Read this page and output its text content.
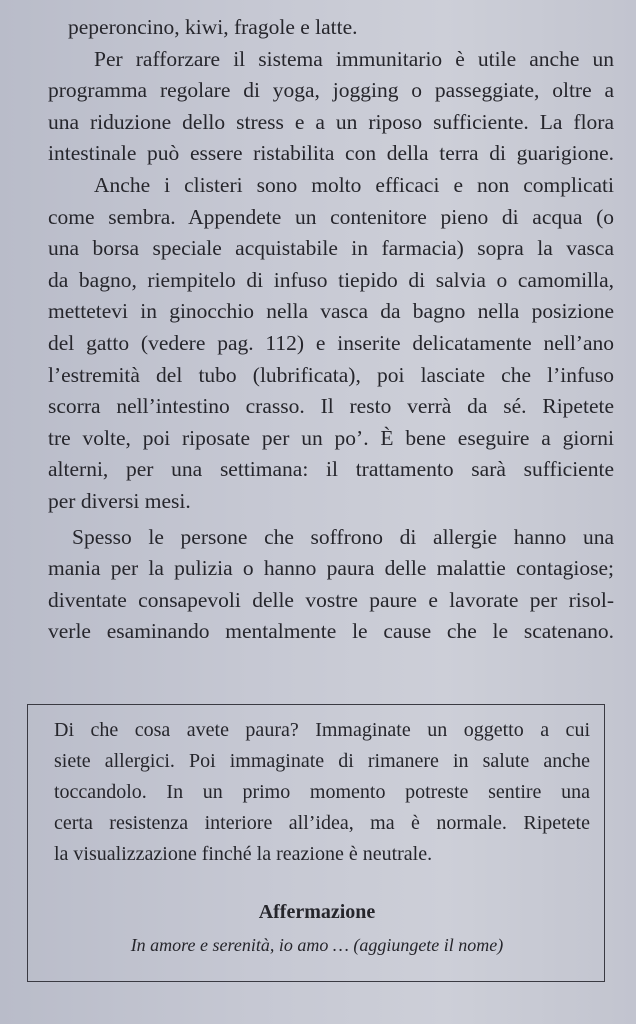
peperoncino, kiwi, fragole e latte.
Per rafforzare il sistema immunitario è utile anche un
programma regolare di yoga, jogging o passeggiate, oltre a
una riduzione dello stress e a un riposo sufficiente. La flora
intestinale può essere ristabilita con della terra di guarigione.
Anche i clisteri sono molto efficaci e non complicati
come sembra. Appendete un contenitore pieno di acqua (o
una borsa speciale acquistabile in farmacia) sopra la vasca
da bagno, riempitelo di infuso tiepido di salvia o camomilla,
mettetevi in ginocchio nella vasca da bagno nella posizione
del gatto (vedere pag. 112) e inserite delicatamente nell’ano
l’estremità del tubo (lubrificata), poi lasciate che l’infuso
scorra nell’intestino crasso. Il resto verrà da sé. Ripetete
tre volte, poi riposate per un po’. È bene eseguire a giorni
alterni, per una settimana: il trattamento sarà sufficiente
per diversi mesi.
Spesso le persone che soffrono di allergie hanno una
mania per la pulizia o hanno paura delle malattie contagiose;
diventate consapevoli delle vostre paure e lavorate per risol-
verle esaminando mentalmente le cause che le scatenano.
Di che cosa avete paura? Immaginate un oggetto a cui
siete allergici. Poi immaginate di rimanere in salute anche
toccandolo. In un primo momento potreste sentire una
certa resistenza interiore all’idea, ma è normale. Ripetete
la visualizzazione finché la reazione è neutrale.
Affermazione
In amore e serenità, io amo … (aggiungete il nome)
